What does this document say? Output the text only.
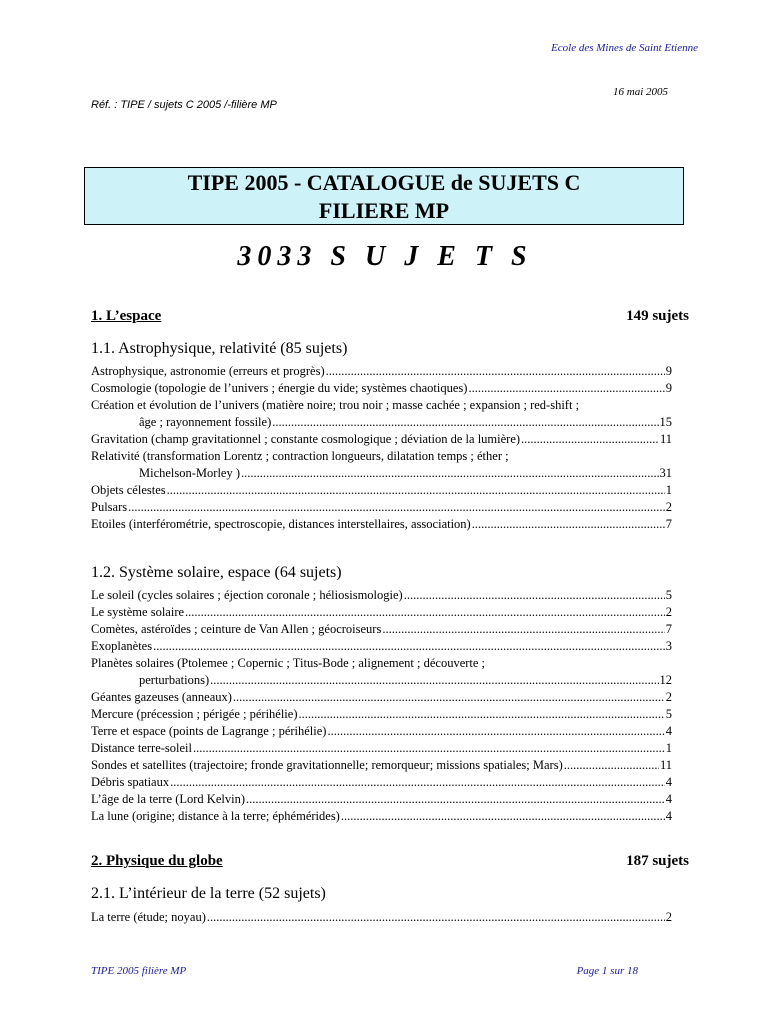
Ecole des Mines de Saint Etienne
16 mai 2005
Réf. : TIPE / sujets C 2005 /-filière MP
TIPE 2005 - CATALOGUE de SUJETS C
FILIERE MP
3033 S U J E T S
1. L’espace	149 sujets
1.1. Astrophysique, relativité (85 sujets)
Astrophysique, astronomie (erreurs et progrès) .....	9
Cosmologie (topologie de l’univers ; énergie du vide; systèmes chaotiques) .....	9
Création et évolution de l’univers (matière noire; trou noir ; masse cachée ; expansion ; red-shift ;
âge ; rayonnement fossile) .....	15
Gravitation (champ gravitationnel ; constante cosmologique ; déviation de la lumière) .....	11
Relativité (transformation Lorentz ; contraction longueurs, dilatation temps ; éther ;
Michelson-Morley ) .....	31
Objets célestes .....	1
Pulsars .....	2
Etoiles (interférométrie, spectroscopie, distances interstellaires, association) .....	7
1.2. Système solaire, espace (64 sujets)
Le soleil (cycles solaires ; éjection coronale ; héliosismologie) .....	5
Le système solaire .....	2
Comètes, astéroïdes ; ceinture de Van Allen ; géocroiseurs .....	7
Exoplanètes .....	3
Planètes solaires (Ptolemee ; Copernic ; Titus-Bode ; alignement ; découverte ;
perturbations) .....	12
Géantes gazeuses (anneaux) .....	2
Mercure (précession ; périgée ; périhélie) .....	5
Terre et espace (points de Lagrange ; périhélie) .....	4
Distance terre-soleil .....	1
Sondes et satellites (trajectoire; fronde gravitationnelle; remorqueur; missions spatiales; Mars) .....	11
Débris spatiaux .....	4
L’âge de la terre (Lord Kelvin) .....	4
La lune (origine; distance à la terre; éphémérides) .....	4
2. Physique du globe	187 sujets
2.1. L’intérieur de la terre (52 sujets)
La terre (étude; noyau) .....	2
TIPE 2005 filière MP	Page 1 sur 18
